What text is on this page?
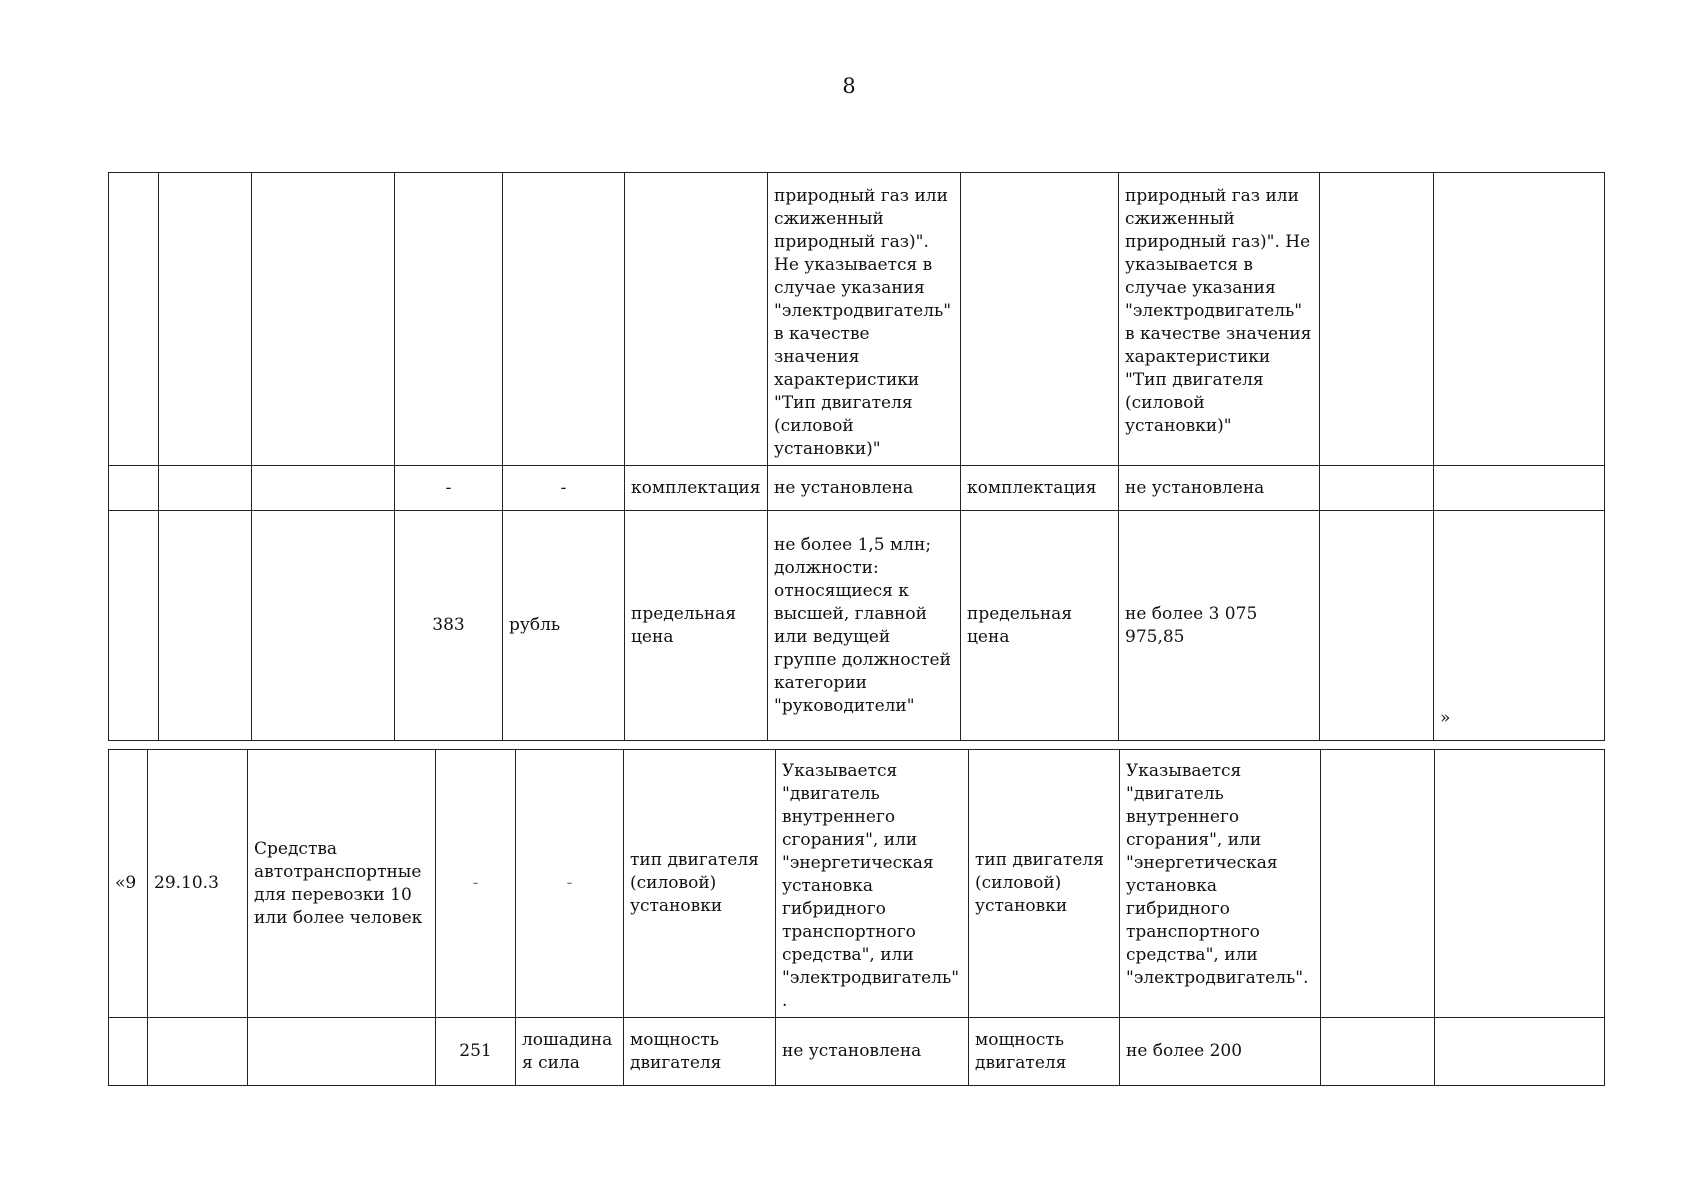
8
						природный газ или сжиженный природный газ)". Не указывается в случае указания "электродвигатель" в качестве значения характеристики "Тип двигателя (силовой установки)"		природный газ или сжиженный природный газ)". Не указывается в случае указания "электродвигатель" в качестве значения характеристики "Тип двигателя (силовой установки)"		
			-	-	комплектация	не установлена	комплектация	не установлена		
			383	рубль	предельная цена	не более 1,5 млн; должности: относящиеся к высшей, главной или ведущей группе должностей категории "руководители"	предельная цена	не более 3 075 975,85		»
«9	29.10.3	Средства автотранспортные для перевозки 10 или более человек	-	-	тип двигателя (силовой) установки	Указывается "двигатель внутреннего сгорания", или "энергетическая установка гибридного транспортного средства", или "электродвигатель".	тип двигателя (силовой) установки	Указывается "двигатель внутреннего сгорания", или "энергетическая установка гибридного транспортного средства", или "электродвигатель".		
			251	лошадиная сила	мощность двигателя	не установлена	мощность двигателя	не более 200		
